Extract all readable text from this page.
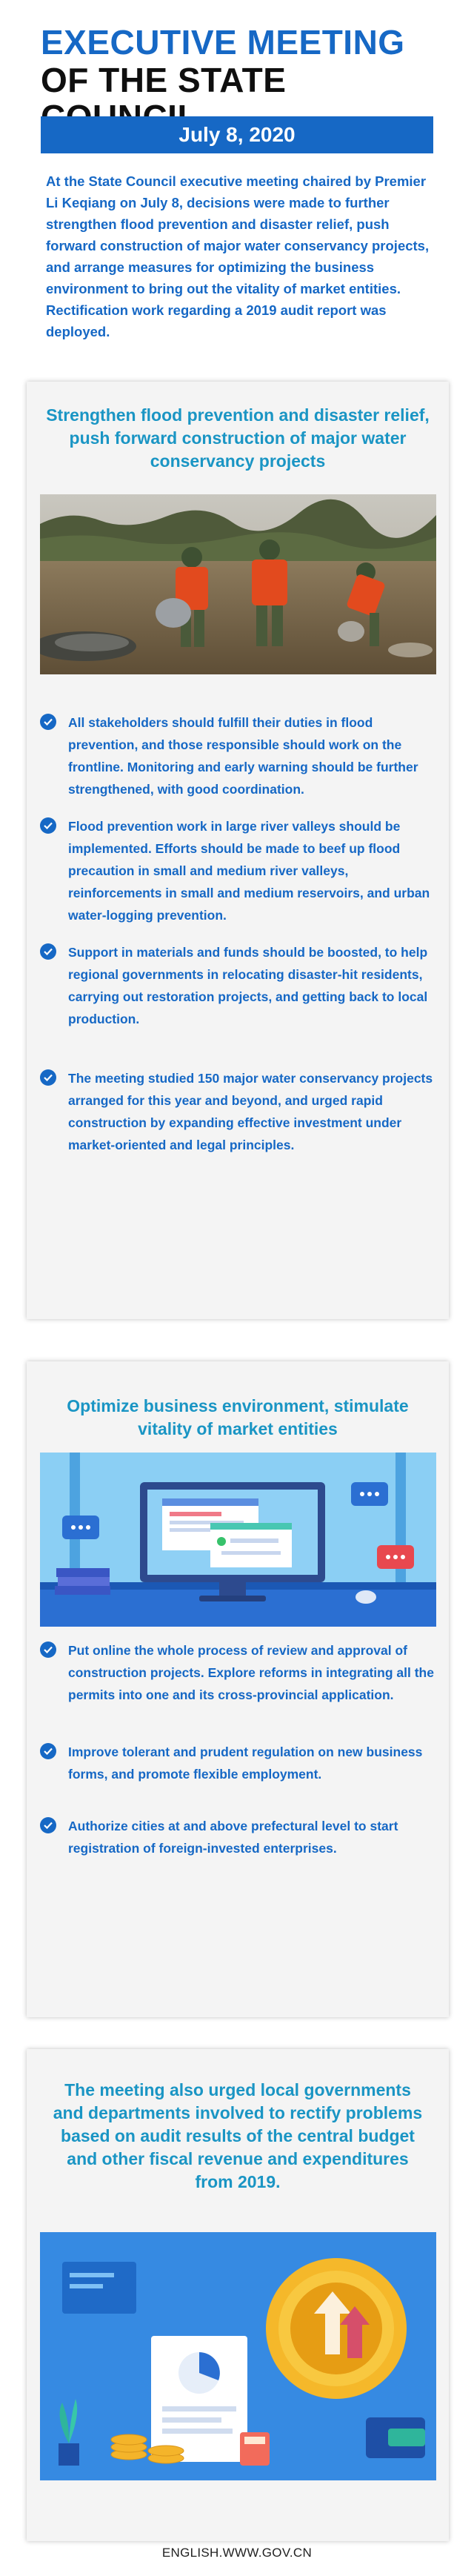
EXECUTIVE MEETING
OF THE STATE
July 8, 2020
At the State Council executive meeting chaired by Premier Li Keqiang on July 8, decisions were made to further strengthen flood prevention and disaster relief, push forward construction of major water conservancy projects, and arrange measures for optimizing the business environment to bring out the vitality of market entities. Rectification work regarding a 2019 audit report was deployed.
Strengthen flood prevention and disaster relief, push forward construction of major water conservancy projects
All stakeholders should fulfill their duties in flood prevention, and those responsible should work on the frontline. Monitoring and early warning should be further strengthened, with good coordination.
Flood prevention work in large river valleys should be implemented. Efforts should be made to beef up flood precaution in small and medium river valleys, reinforcements in small and medium reservoirs, and urban water-logging prevention.
Support in materials and funds should be boosted, to help regional governments in relocating disaster-hit residents, carrying out restoration projects, and getting back to local production.
The meeting studied 150 major water conservancy projects arranged for this year and beyond, and urged rapid construction by expanding effective investment under market-oriented and legal principles.
Optimize business environment, stimulate vitality of market entities
Put online the whole process of review and approval of construction projects. Explore reforms in integrating all the permits into one and its cross-provincial application.
Improve tolerant and prudent regulation on new business forms, and promote flexible employment.
Authorize cities at and above prefectural level to start registration of foreign-invested enterprises.
The meeting also urged local governments and departments involved to rectify problems based on audit results of the central budget and other fiscal revenue and expenditures from 2019.
ENGLISH.WWW.GOV.CN
